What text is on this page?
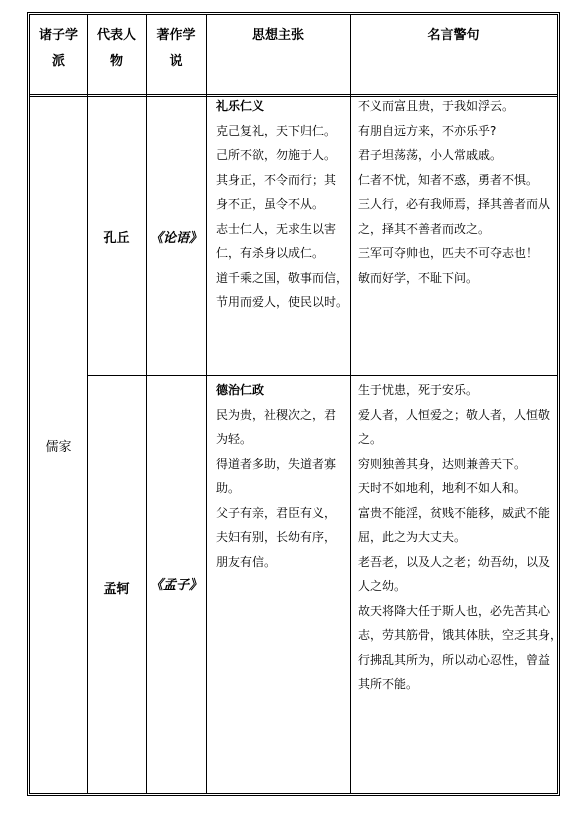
诸子学
派
代表人
物
著作学
说
思想主张	名言警句
儒家
孔丘 《论语》
礼乐仁义
克己复礼，天下归仁。
己所不欲，勿施于人。
其身正，不令而行；其
身不正，虽令不从。
志士仁人，无求生以害
仁，有杀身以成仁。
道千乘之国，敬事而信，
节用而爱人，使民以时。
不义而富且贵，于我如浮云。
有朋自远方来，不亦乐乎?
君子坦荡荡，小人常戚戚。
仁者不忧，知者不惑，勇者不惧。
三人行，必有我师焉，择其善者而从
之，择其不善者而改之。
三军可夺帅也，匹夫不可夺志也！
敏而好学，不耻下问。
孟轲 《孟子》
德治仁政
民为贵，社稷次之，君
为轻。
得道者多助，失道者寡
助。
父子有亲，君臣有义，
夫妇有别，长幼有序，
朋友有信。
生于忧患，死于安乐。
爱人者，人恒爱之；敬人者，人恒敬
之。
穷则独善其身，达则兼善天下。
天时不如地利，地利不如人和。
富贵不能淫，贫贱不能移，威武不能
屈，此之为大丈夫。
老吾老，以及人之老；幼吾幼，以及
人之幼。
故天将降大任于斯人也，必先苦其心
志，劳其筋骨，饿其体肤，空乏其身，
行拂乱其所为，所以动心忍性，曾益
其所不能。
